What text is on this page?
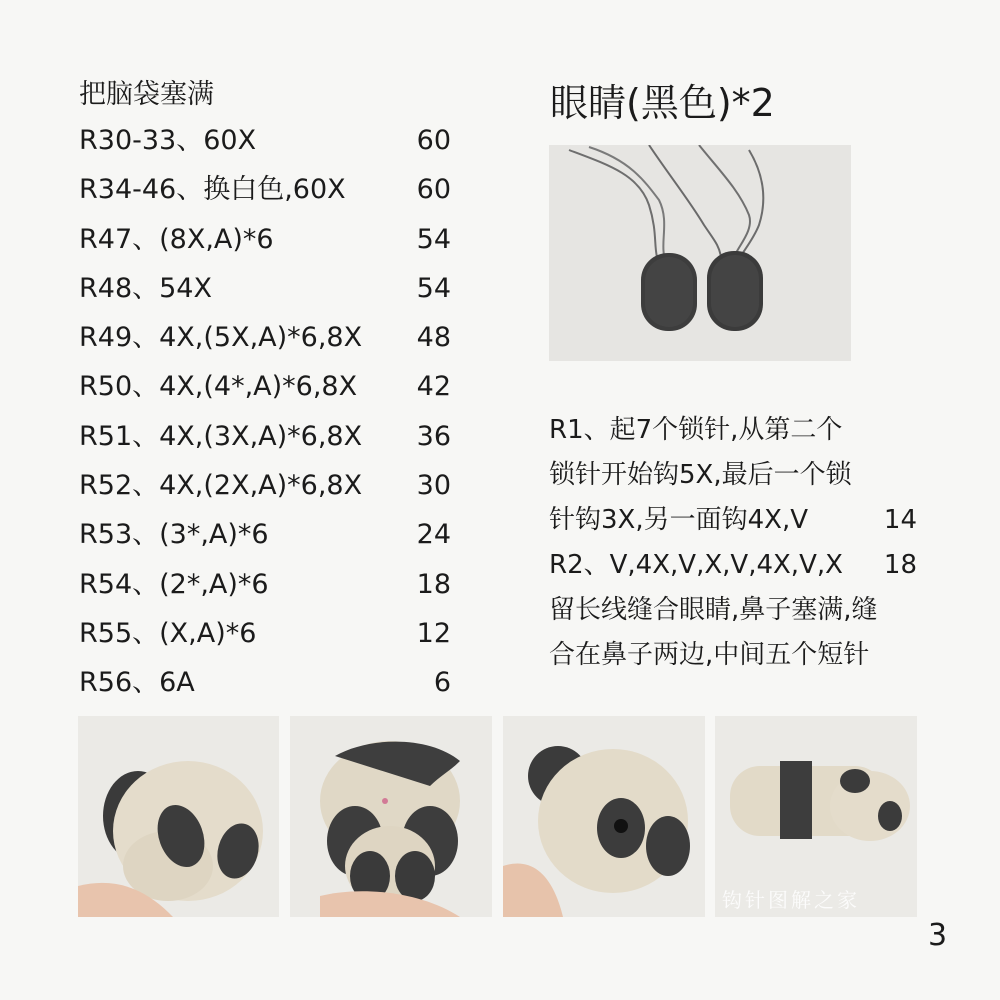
把脑袋塞满
R30-33、60X	60
R34-46、换白色,60X	60
R47、(8X,A)*6	54
R48、54X	54
R49、4X,(5X,A)*6,8X 48
R50、4X,(4*,A)*6,8X 42
R51、4X,(3X,A)*6,8X 36
R52、4X,(2X,A)*6,8X 30
R53、(3*,A)*6	24
R54、(2*,A)*6	18
R55、(X,A)*6	12
R56、6A	6
眼睛(黑色)*2
R1、起7个锁针,从第二个
锁针开始钩5X,最后一个锁
针钩3X,另一面钩4X,V	14
R2、V,4X,V,X,V,4X,V,X 18
留长线缝合眼睛,鼻子塞满,缝
合在鼻子两边,中间五个短针
钩针图解之家
3
